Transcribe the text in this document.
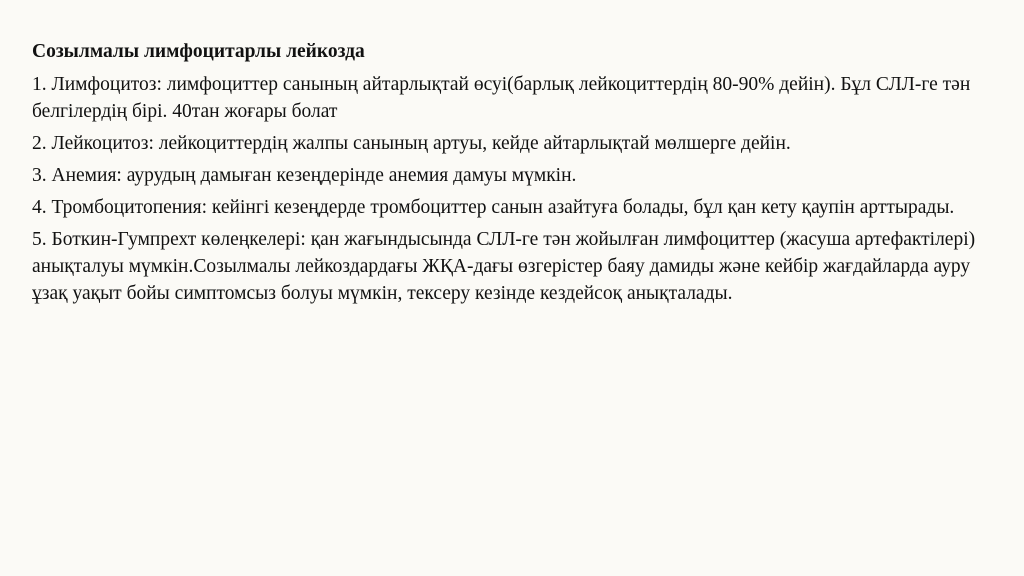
Созылмалы лимфоцитарлы лейкозда
1. Лимфоцитоз: лимфоциттер санының айтарлықтай өсуі(барлық лейкоциттердің 80-90% дейін). Бұл СЛЛ-ге тән белгілердің бірі. 40тан жоғары болат
2. Лейкоцитоз: лейкоциттердің жалпы санының артуы, кейде айтарлықтай мөлшерге дейін.
3. Анемия: аурудың дамыған кезеңдерінде анемия дамуы мүмкін.
4. Тромбоцитопения: кейінгі кезеңдерде тромбоциттер санын азайтуға болады, бұл қан кету қаупін арттырады.
5. Боткин-Гумпрехт көлеңкелері: қан жағындысында СЛЛ-ге тән жойылған лимфоциттер (жасуша артефактілері) анықталуы мүмкін.Созылмалы лейкоздардағы ЖҚА-дағы өзгерістер баяу дамиды және кейбір жағдайларда ауру ұзақ уақыт бойы симптомсыз болуы мүмкін, тексеру кезінде кездейсоқ анықталады.
